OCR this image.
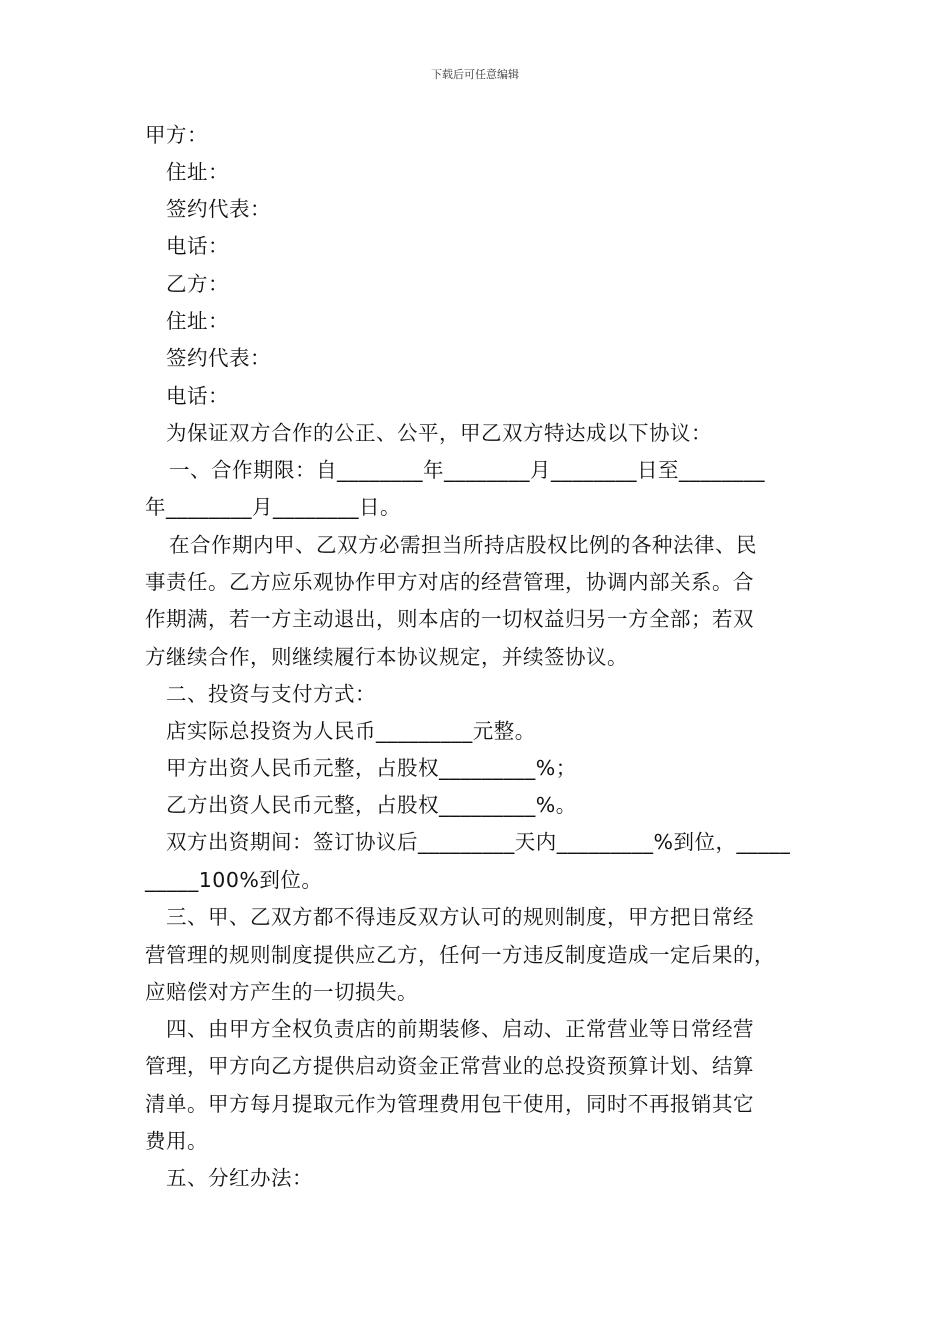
下载后可任意编辑
甲方：
住址：
签约代表：
电话：
乙方：
住址：
签约代表：
电话：
为保证双方合作的公正、公平，甲乙双方特达成以下协议：
一、合作期限：自________年________月________日至________
年________月________日。
在合作期内甲、乙双方必需担当所持店股权比例的各种法律、民
事责任。乙方应乐观协作甲方对店的经营管理，协调内部关系。合
作期满，若一方主动退出，则本店的一切权益归另一方全部；若双
方继续合作，则继续履行本协议规定，并续签协议。
二、投资与支付方式：
店实际总投资为人民币_________元整。
甲方出资人民币元整，占股权_________%；
乙方出资人民币元整，占股权_________%。
双方出资期间：签订协议后_________天内_________%到位，_____
_____100%到位。
三、甲、乙双方都不得违反双方认可的规则制度，甲方把日常经
营管理的规则制度提供应乙方，任何一方违反制度造成一定后果的，
应赔偿对方产生的一切损失。
四、由甲方全权负责店的前期装修、启动、正常营业等日常经营
管理，甲方向乙方提供启动资金正常营业的总投资预算计划、结算
清单。甲方每月提取元作为管理费用包干使用，同时不再报销其它
费用。
五、分红办法：
